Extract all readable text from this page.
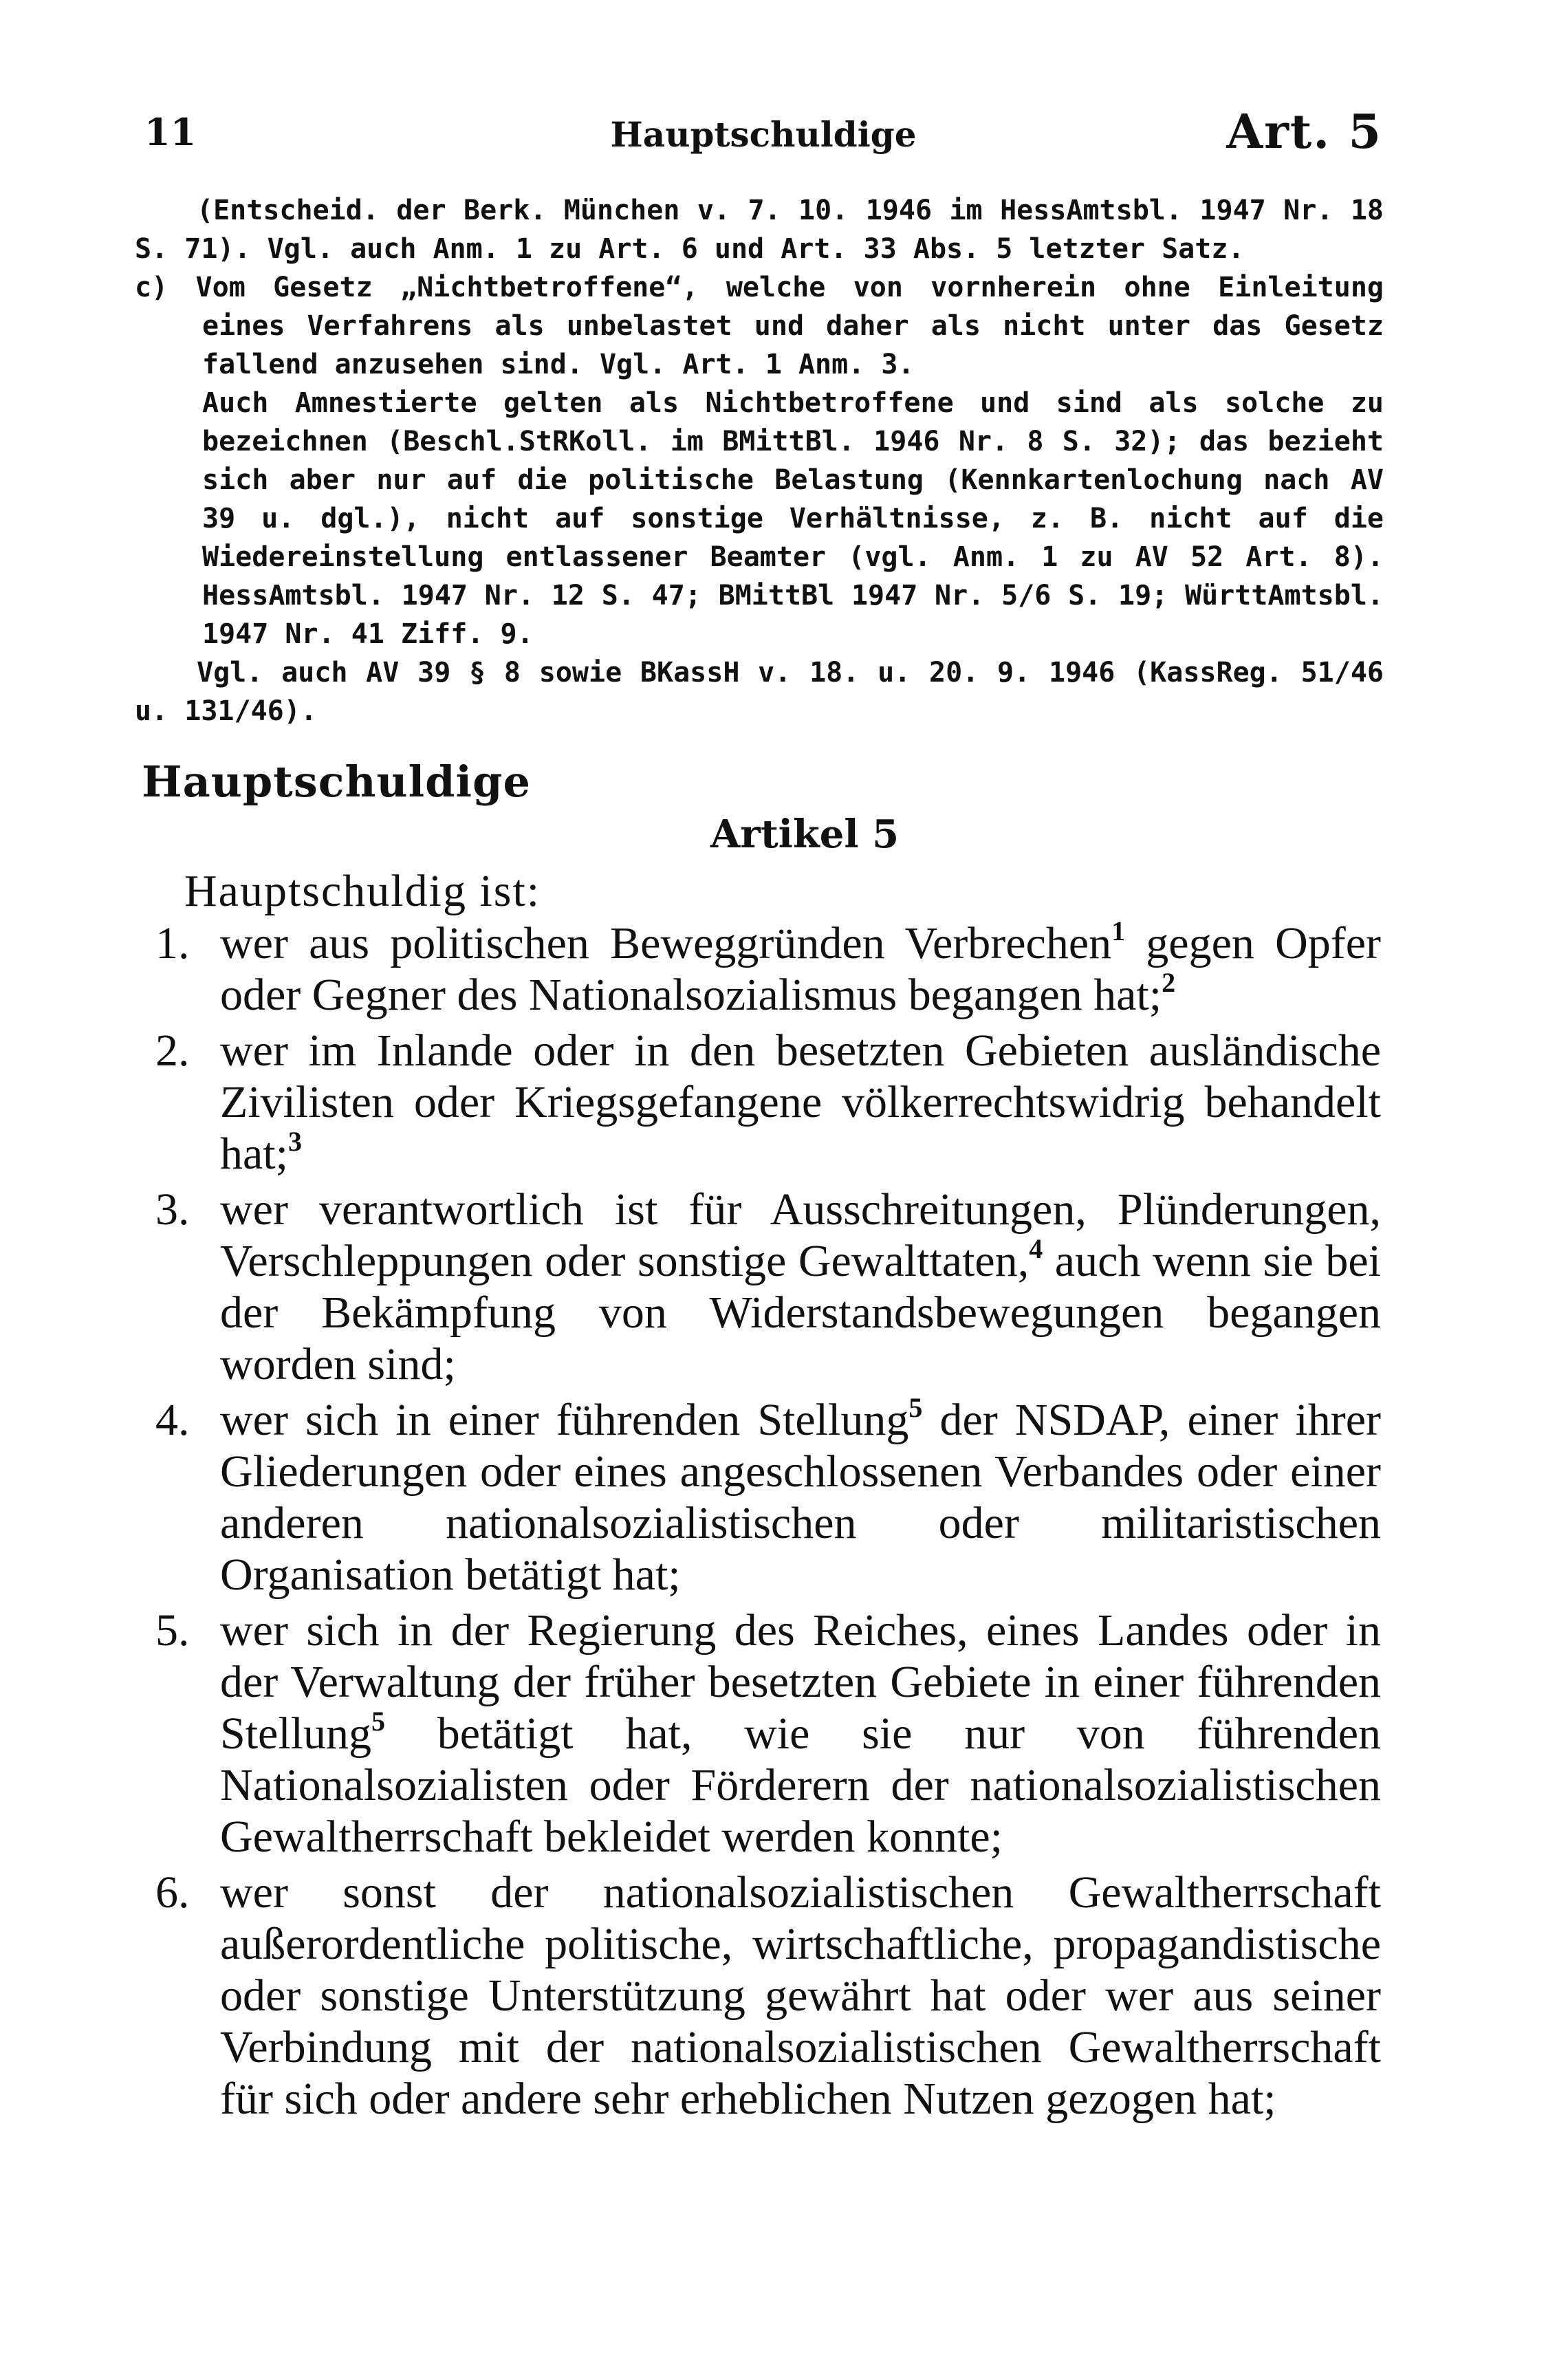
11	Hauptschuldige	Art. 5

(Entscheid. der Berk. München v. 7. 10. 1946 im HessAmtsbl. 1947 Nr. 18 S. 71). Vgl. auch Anm. 1 zu Art. 6 und Art. 33 Abs. 5 letzter Satz.

c) Vom Gesetz „Nichtbetroffene“, welche von vornherein ohne Einleitung eines Verfahrens als unbelastet und daher als nicht unter das Gesetz fallend anzusehen sind. Vgl. Art. 1 Anm. 3.

Auch Amnestierte gelten als Nichtbetroffene und sind als solche zu bezeichnen (Beschl.StRKoll. im BMittBl. 1946 Nr. 8 S. 32); das bezieht sich aber nur auf die politische Belastung (Kennkartenlochung nach AV 39 u. dgl.), nicht auf sonstige Verhältnisse, z. B. nicht auf die Wiedereinstellung entlassener Beamter (vgl. Anm. 1 zu AV 52 Art. 8). HessAmtsbl. 1947 Nr. 12 S. 47; BMittBl 1947 Nr. 5/6 S. 19; WürttAmtsbl. 1947 Nr. 41 Ziff. 9.

Vgl. auch AV 39 § 8 sowie BKassH v. 18. u. 20. 9. 1946 (KassReg. 51/46 u. 131/46).

Hauptschuldige
Artikel 5
Hauptschuldig ist:
1. wer aus politischen Beweggründen Verbrechen$^1$ gegen Opfer oder Gegner des Nationalsozialismus begangen hat;$^2$
2. wer im Inlande oder in den besetzten Gebieten ausländische Zivilisten oder Kriegsgefangene völkerrechtswidrig behandelt hat;$^3$
3. wer verantwortlich ist für Ausschreitungen, Plünderungen, Verschleppungen oder sonstige Gewalttaten,$^4$ auch wenn sie bei der Bekämpfung von Widerstandsbewegungen begangen worden sind;
4. wer sich in einer führenden Stellung$^5$ der NSDAP, einer ihrer Gliederungen oder eines angeschlossenen Verbandes oder einer anderen nationalsozialistischen oder militaristischen Organisation betätigt hat;
5. wer sich in der Regierung des Reiches, eines Landes oder in der Verwaltung der früher besetzten Gebiete in einer führenden Stellung$^5$ betätigt hat, wie sie nur von führenden Nationalsozialisten oder Förderern der nationalsozialistischen Gewaltherrschaft bekleidet werden konnte;
6. wer sonst der nationalsozialistischen Gewaltherrschaft außerordentliche politische, wirtschaftliche, propagandistische oder sonstige Unterstützung gewährt hat oder wer aus seiner Verbindung mit der nationalsozialistischen Gewaltherrschaft für sich oder andere sehr erheblichen Nutzen gezogen hat;
